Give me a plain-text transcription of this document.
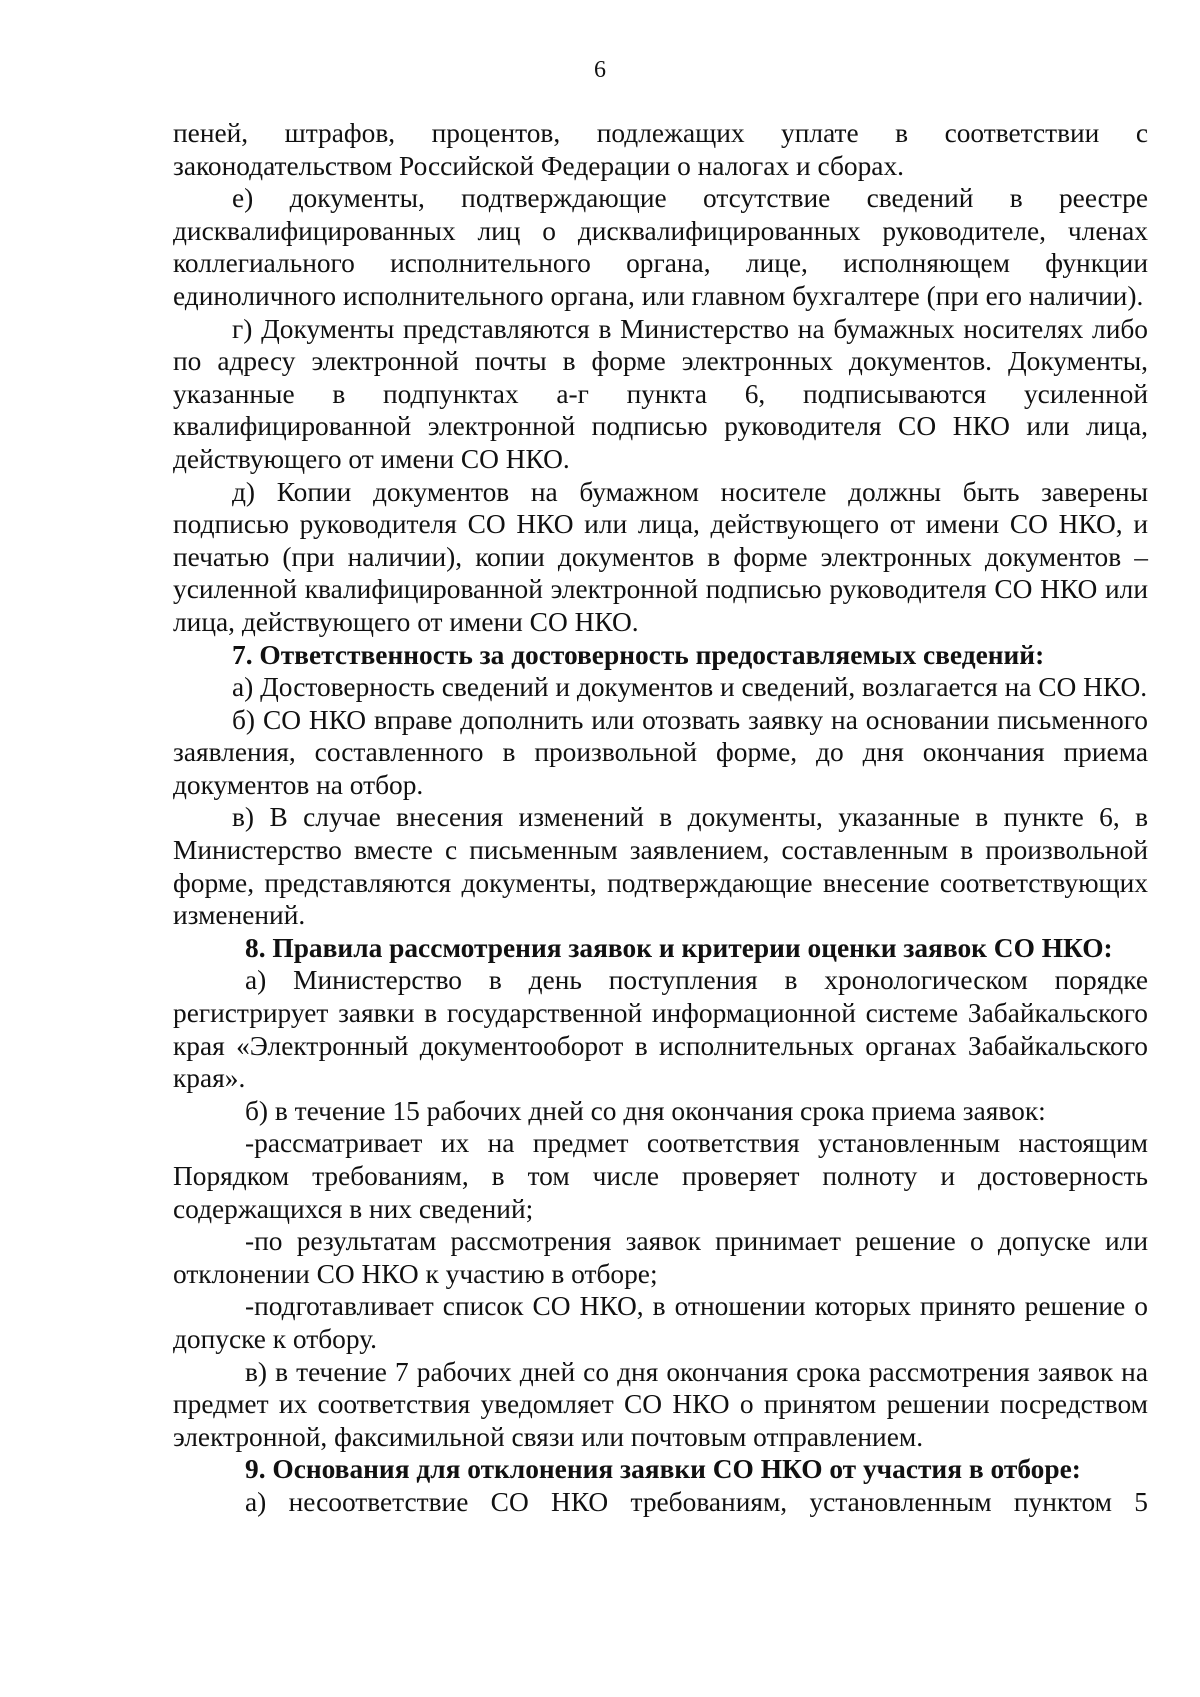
6

пеней, штрафов, процентов, подлежащих уплате в соответствии с законодательством Российской Федерации о налогах и сборах.

е) документы, подтверждающие отсутствие сведений в реестре дисквалифицированных лиц о дисквалифицированных руководителе, членах коллегиального исполнительного органа, лице, исполняющем функции единоличного исполнительного органа, или главном бухгалтере (при его наличии).

г) Документы представляются в Министерство на бумажных носителях либо по адресу электронной почты в форме электронных документов. Документы, указанные в подпунктах а-г пункта 6, подписываются усиленной квалифицированной электронной подписью руководителя СО НКО или лица, действующего от имени СО НКО.

д) Копии документов на бумажном носителе должны быть заверены подписью руководителя СО НКО или лица, действующего от имени СО НКО, и печатью (при наличии), копии документов в форме электронных документов – усиленной квалифицированной электронной подписью руководителя СО НКО или лица, действующего от имени СО НКО.

7. Ответственность за достоверность предоставляемых сведений:

а) Достоверность сведений и документов и сведений, возлагается на СО НКО.

б) СО НКО вправе дополнить или отозвать заявку на основании письменного заявления, составленного в произвольной форме, до дня окончания приема документов на отбор.

в) В случае внесения изменений в документы, указанные в пункте 6, в Министерство вместе с письменным заявлением, составленным в произвольной форме, представляются документы, подтверждающие внесение соответствующих изменений.

8. Правила рассмотрения заявок и критерии оценки заявок СО НКО:

а) Министерство в день поступления в хронологическом порядке регистрирует заявки в государственной информационной системе Забайкальского края «Электронный документооборот в исполнительных органах Забайкальского края».

б) в течение 15 рабочих дней со дня окончания срока приема заявок:

-рассматривает их на предмет соответствия установленным настоящим Порядком требованиям, в том числе проверяет полноту и достоверность содержащихся в них сведений;

-по результатам рассмотрения заявок принимает решение о допуске или отклонении СО НКО к участию в отборе;

-подготавливает список СО НКО, в отношении которых принято решение о допуске к отбору.

в) в течение 7 рабочих дней со дня окончания срока рассмотрения заявок на предмет их соответствия уведомляет СО НКО о принятом решении посредством электронной, факсимильной связи или почтовым отправлением.

9. Основания для отклонения заявки СО НКО от участия в отборе:

а) несоответствие СО НКО требованиям, установленным пунктом 5
